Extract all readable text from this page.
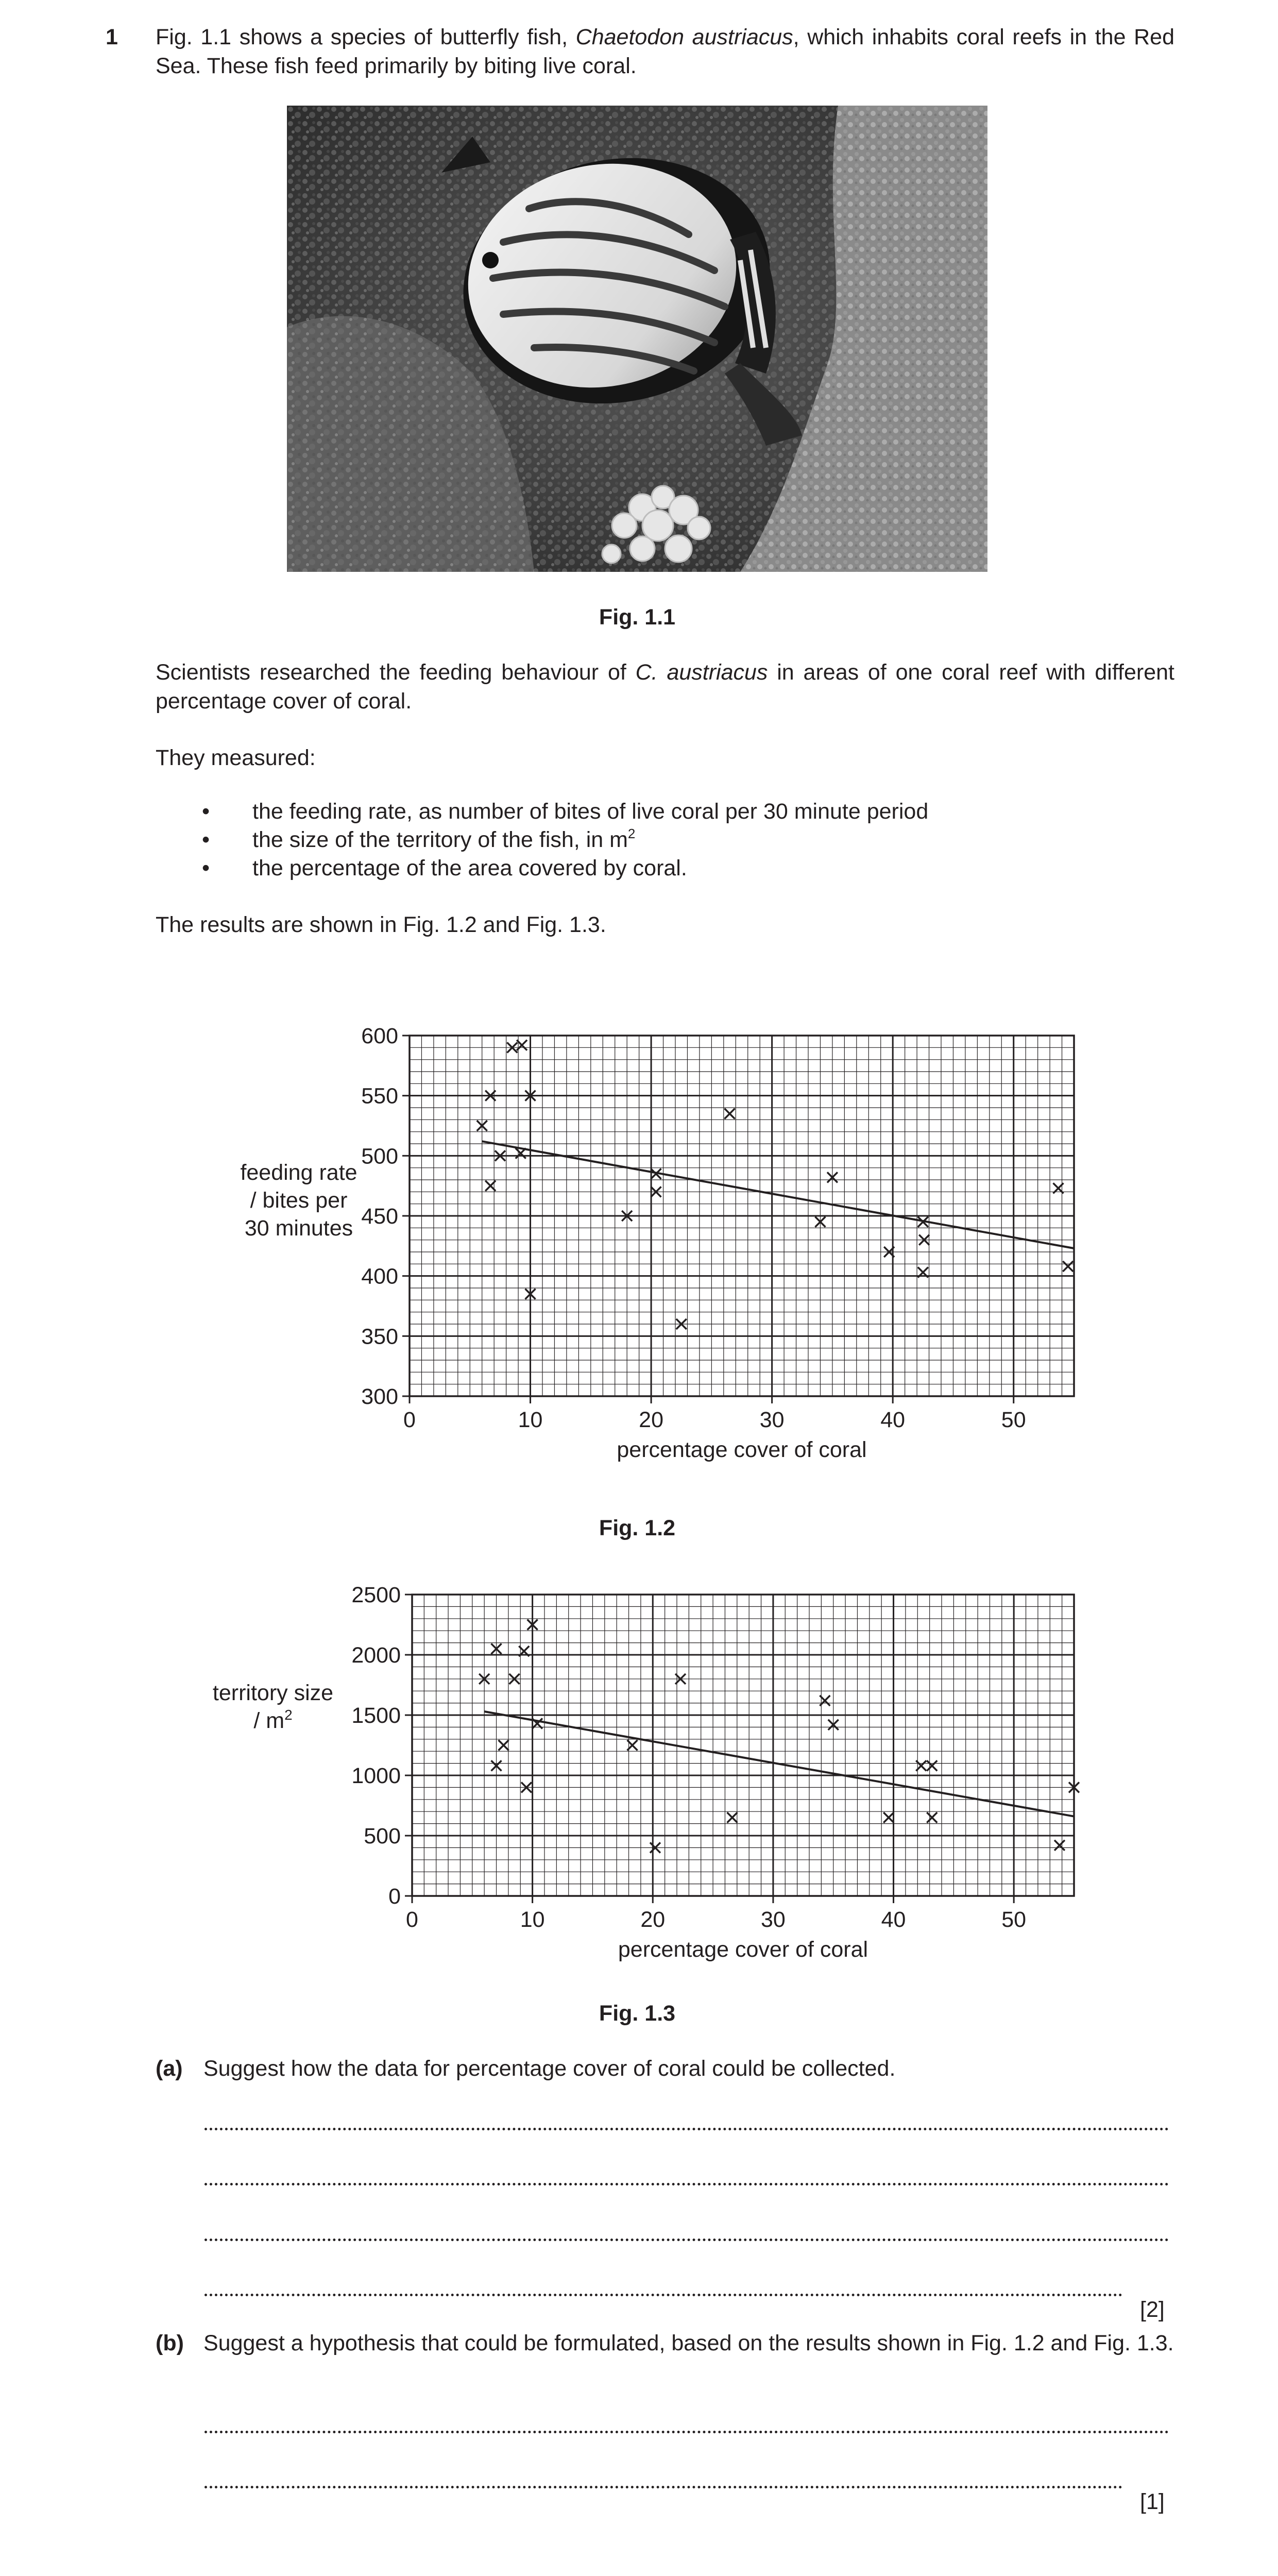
1 Fig. 1.1 shows a species of butterfly fish, Chaetodon austriacus, which inhabits coral reefs in the Red Sea. These fish feed primarily by biting live coral.

Fig. 1.1

Scientists researched the feeding behaviour of C. austriacus in areas of one coral reef with different percentage cover of coral.

They measured:

• the feeding rate, as number of bites of live coral per 30 minute period

• the size of the territory of the fish, in $m^2$

• the percentage of the area covered by coral.

The results are shown in Fig. 1.2 and Fig. 1.3.

0	10	20	30	40	50
300
350
400
450
500
550
600
percentage cover of coral
feeding rate
/ bites per
30 minutes

Fig. 1.2

0	10	20	30	40	50
0
500
1000
1500
2000
2500
percentage cover of coral
territory size
/ $m^2$

Fig. 1.3

(a) Suggest how the data for percentage cover of coral could be collected.

[2]

(b) Suggest a hypothesis that could be formulated, based on the results shown in Fig. 1.2 and Fig. 1.3.

[1]
